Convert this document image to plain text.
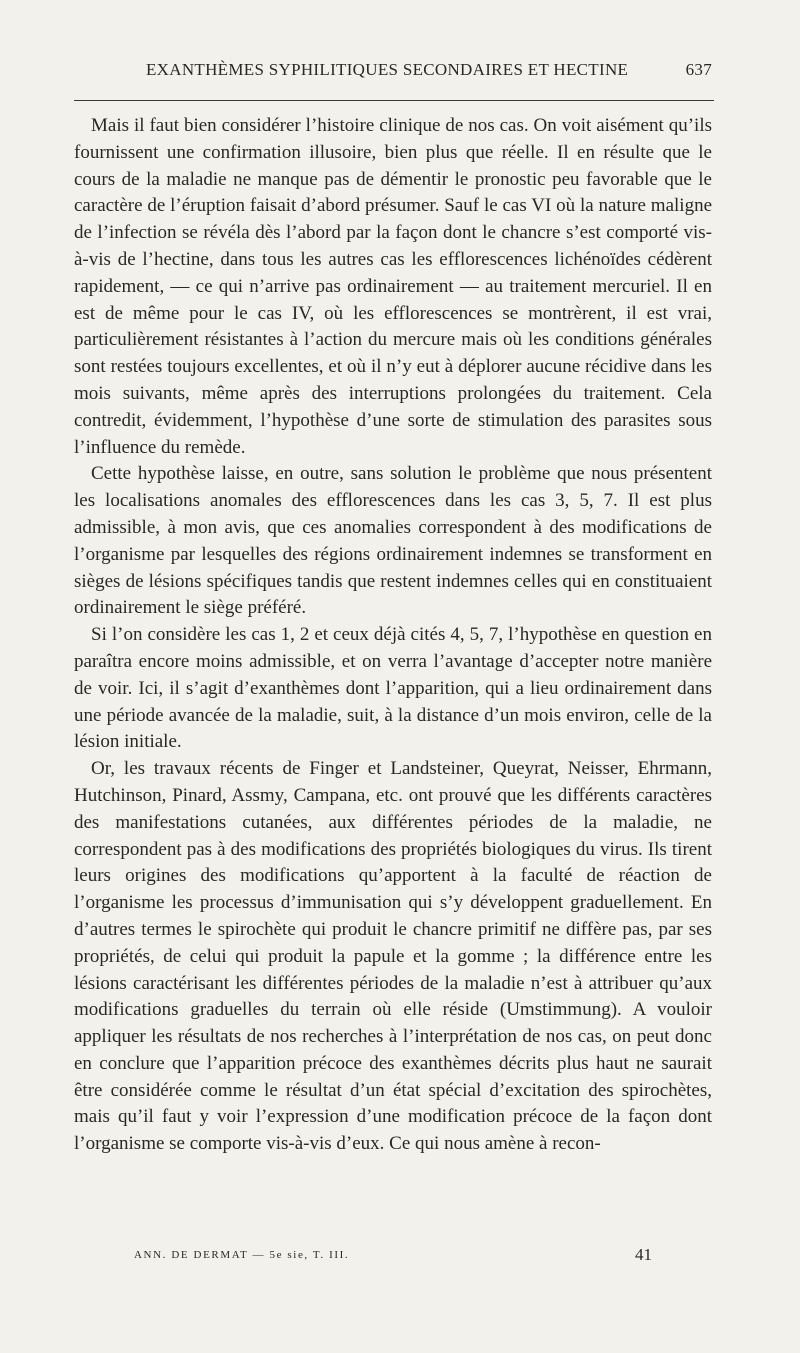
EXANTHÈMES SYPHILITIQUES SECONDAIRES ET HECTINE	637

Mais il faut bien considérer l’histoire clinique de nos cas. On voit aisément qu’ils fournissent une confirmation illusoire, bien plus que réelle. Il en résulte que le cours de la maladie ne manque pas de démentir le pronostic peu favorable que le caractère de l’éruption faisait d’abord présumer. Sauf le cas VI où la nature maligne de l’infection se révéla dès l’abord par la façon dont le chancre s’est comporté vis-à-vis de l’hectine, dans tous les autres cas les efflorescences lichénoïdes cédèrent rapidement, — ce qui n’arrive pas ordinairement — au traitement mercuriel. Il en est de même pour le cas IV, où les efflorescences se montrèrent, il est vrai, particulièrement résistantes à l’action du mercure mais où les conditions générales sont restées toujours excellentes, et où il n’y eut à déplorer aucune récidive dans les mois suivants, même après des interruptions prolongées du traitement. Cela contredit, évidemment, l’hypothèse d’une sorte de stimulation des parasites sous l’influence du remède.

Cette hypothèse laisse, en outre, sans solution le problème que nous présentent les localisations anomales des efflorescences dans les cas 3, 5, 7. Il est plus admissible, à mon avis, que ces anomalies correspondent à des modifications de l’organisme par lesquelles des régions ordinairement indemnes se transforment en sièges de lésions spécifiques tandis que restent indemnes celles qui en constituaient ordinairement le siège préféré.

Si l’on considère les cas 1, 2 et ceux déjà cités 4, 5, 7, l’hypothèse en question en paraîtra encore moins admissible, et on verra l’avantage d’accepter notre manière de voir. Ici, il s’agit d’exanthèmes dont l’apparition, qui a lieu ordinairement dans une période avancée de la maladie, suit, à la distance d’un mois environ, celle de la lésion initiale.

Or, les travaux récents de Finger et Landsteiner, Queyrat, Neisser, Ehrmann, Hutchinson, Pinard, Assmy, Campana, etc. ont prouvé que les différents caractères des manifestations cutanées, aux différentes périodes de la maladie, ne correspondent pas à des modifications des propriétés biologiques du virus. Ils tirent leurs origines des modifications qu’apportent à la faculté de réaction de l’organisme les processus d’immunisation qui s’y développent graduellement. En d’autres termes le spirochète qui produit le chancre primitif ne diffère pas, par ses propriétés, de celui qui produit la papule et la gomme ; la différence entre les lésions caractérisant les différentes périodes de la maladie n’est à attribuer qu’aux modifications graduelles du terrain où elle réside (Umstimmung). A vouloir appliquer les résultats de nos recherches à l’interprétation de nos cas, on peut donc en conclure que l’apparition précoce des exanthèmes décrits plus haut ne saurait être considérée comme le résultat d’un état spécial d’excitation des spirochètes, mais qu’il faut y voir l’expression d’une modification précoce de la façon dont l’organisme se comporte vis-à-vis d’eux. Ce qui nous amène à recon-

ANN. DE DERMAT — 5e sie, T. III.	41
